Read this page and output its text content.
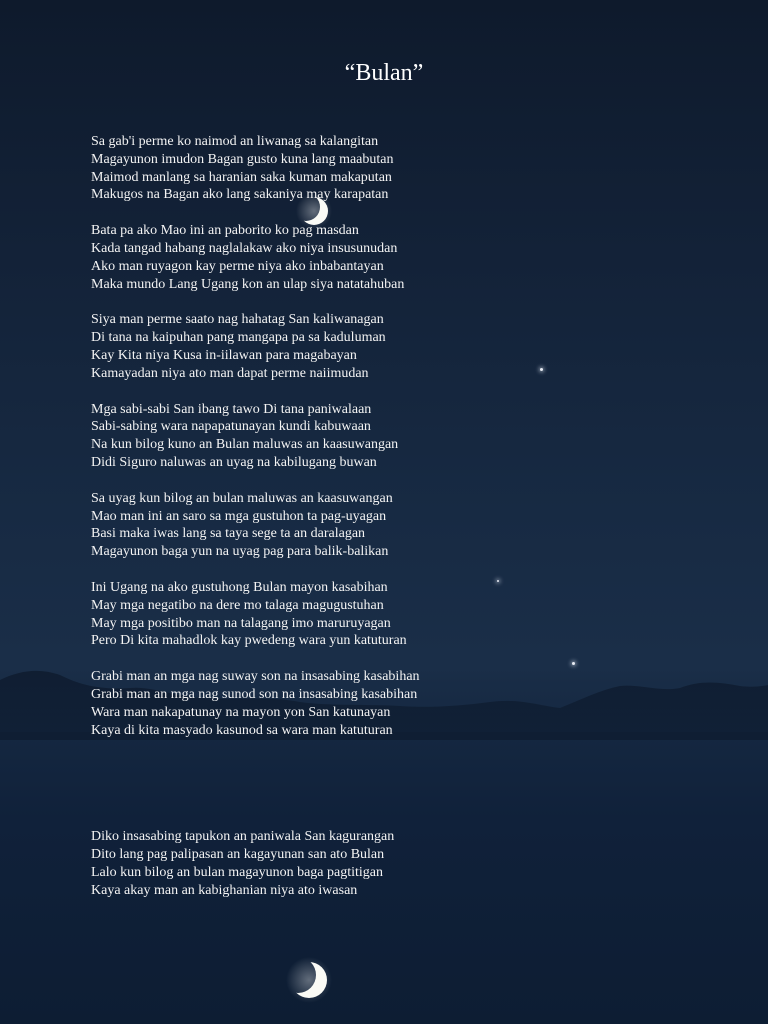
“Bulan”
Sa gab'i perme ko naimod an liwanag sa kalangitan
Magayunon imudon Bagan gusto kuna lang maabutan
Maimod manlang sa haranian saka kuman makaputan
Makugos na Bagan ako lang sakaniya may karapatan
Bata pa ako Mao ini an paborito ko pag masdan
Kada tangad habang naglalakaw ako niya insusunudan
Ako man ruyagon kay perme niya ako inbabantayan
Maka mundo Lang Ugang kon an ulap siya natatahuban
Siya man perme saato nag hahatag San kaliwanagan
Di tana na kaipuhan pang mangapa pa sa kaduluman
Kay Kita niya Kusa in-iilawan para magabayan
Kamayadan niya ato man dapat perme naiimudan
Mga sabi-sabi San ibang tawo Di tana paniwalaan
Sabi-sabing wara napapatunayan kundi kabuwaan
Na kun bilog kuno an Bulan maluwas an kaasuwangan
Didi Siguro naluwas an uyag na kabilugang buwan
Sa uyag kun bilog an bulan maluwas an kaasuwangan
Mao man ini an saro sa mga gustuhon ta pag-uyagan
Basi maka iwas lang sa taya sege ta an daralagan
Magayunon baga yun na uyag pag para balik-balikan
Ini Ugang na ako gustuhong Bulan mayon kasabihan
May mga negatibo na dere mo talaga magugustuhan
May mga positibo man na talagang imo maruruyagan
Pero Di kita mahadlok kay pwedeng wara yun katuturan
Grabi man an mga nag suway son na insasabing kasabihan
Grabi man an mga nag sunod son na insasabing kasabihan
Wara man nakapatunay na mayon yon San katunayan
Kaya di kita masyado kasunod sa wara man katuturan
Diko insasabing tapukon an paniwala San kagurangan
Dito lang pag palipasan an kagayunan san ato Bulan
Lalo kun bilog an bulan magayunon baga pagtitigan
Kaya akay man an kabighanian niya ato iwasan
